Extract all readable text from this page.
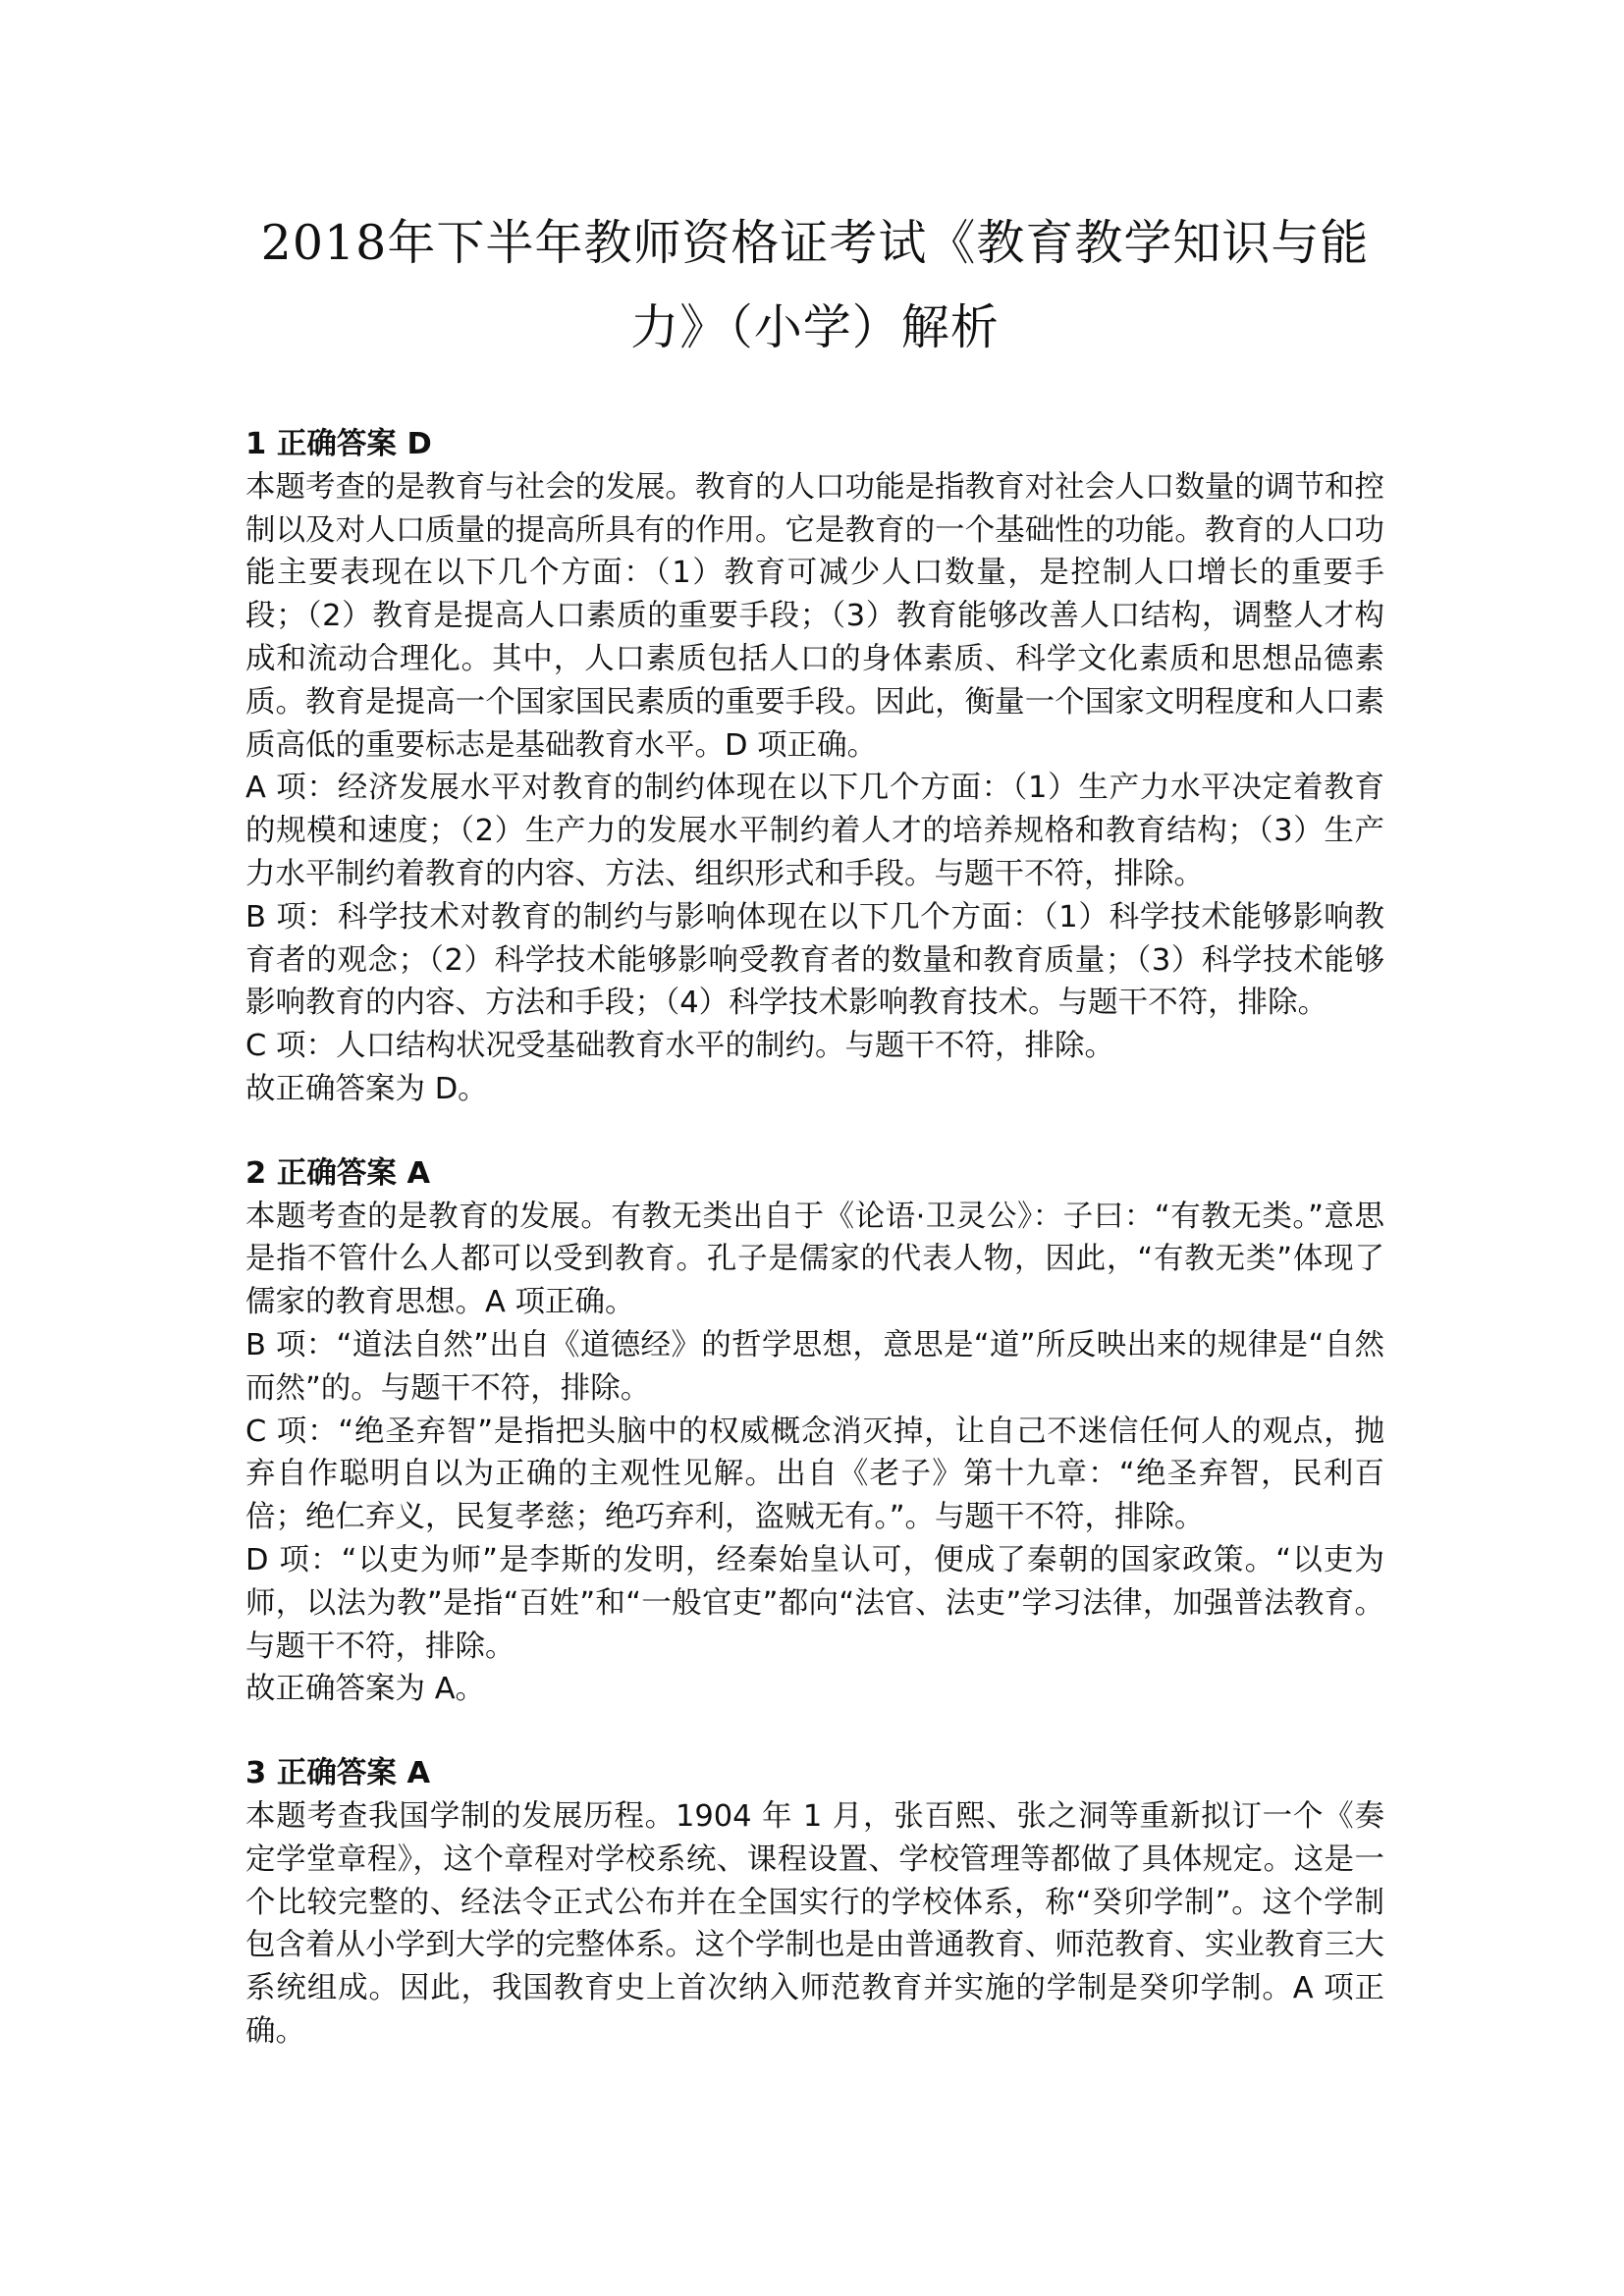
2018年下半年教师资格证考试《教育教学知识与能
力》（小学）解析

1 正确答案 D

本题考查的是教育与社会的发展。教育的人口功能是指教育对社会人口数量的调节和控制以及对人口质量的提高所具有的作用。它是教育的一个基础性的功能。教育的人口功能主要表现在以下几个方面：（1）教育可减少人口数量，是控制人口增长的重要手段；（2）教育是提高人口素质的重要手段；（3）教育能够改善人口结构，调整人才构成和流动合理化。其中，人口素质包括人口的身体素质、科学文化素质和思想品德素质。教育是提高一个国家国民素质的重要手段。因此，衡量一个国家文明程度和人口素质高低的重要标志是基础教育水平。D 项正确。

A 项：经济发展水平对教育的制约体现在以下几个方面：（1）生产力水平决定着教育的规模和速度；（2）生产力的发展水平制约着人才的培养规格和教育结构；（3）生产力水平制约着教育的内容、方法、组织形式和手段。与题干不符，排除。

B 项：科学技术对教育的制约与影响体现在以下几个方面：（1）科学技术能够影响教育者的观念；（2）科学技术能够影响受教育者的数量和教育质量；（3）科学技术能够影响教育的内容、方法和手段；（4）科学技术影响教育技术。与题干不符，排除。

C 项：人口结构状况受基础教育水平的制约。与题干不符，排除。

故正确答案为 D。

2 正确答案 A

本题考查的是教育的发展。有教无类出自于《论语·卫灵公》：子曰：“有教无类。”意思是指不管什么人都可以受到教育。孔子是儒家的代表人物，因此，“有教无类”体现了儒家的教育思想。A 项正确。

B 项：“道法自然”出自《道德经》的哲学思想，意思是“道”所反映出来的规律是“自然而然”的。与题干不符，排除。

C 项：“绝圣弃智”是指把头脑中的权威概念消灭掉，让自己不迷信任何人的观点，抛弃自作聪明自以为正确的主观性见解。出自《老子》第十九章：“绝圣弃智，民利百倍；绝仁弃义，民复孝慈；绝巧弃利，盗贼无有。”。与题干不符，排除。

D 项：“以吏为师”是李斯的发明，经秦始皇认可，便成了秦朝的国家政策。“以吏为师，以法为教”是指“百姓”和“一般官吏”都向“法官、法吏”学习法律，加强普法教育。与题干不符，排除。

故正确答案为 A。

3 正确答案 A

本题考查我国学制的发展历程。1904 年 1 月，张百熙、张之洞等重新拟订一个《奏定学堂章程》，这个章程对学校系统、课程设置、学校管理等都做了具体规定。这是一个比较完整的、经法令正式公布并在全国实行的学校体系，称“癸卯学制”。这个学制包含着从小学到大学的完整体系。这个学制也是由普通教育、师范教育、实业教育三大系统组成。因此，我国教育史上首次纳入师范教育并实施的学制是癸卯学制。A 项正确。
